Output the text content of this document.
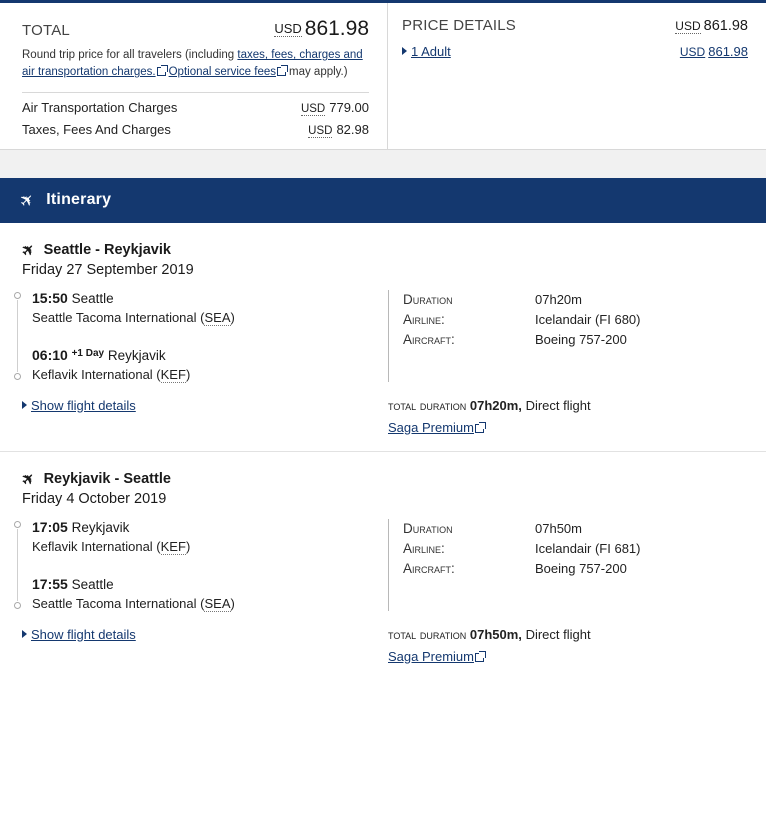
TOTAL	USD 861.98
Round trip price for all travelers (including taxes, fees, charges and air transportation charges. Optional service fees may apply.)
Air Transportation Charges	USD 779.00
Taxes, Fees And Charges	USD 82.98
PRICE DETAILS	USD 861.98
1 Adult	USD 861.98
✈ Itinerary
✈ Seattle - Reykjavik
Friday 27 September 2019
15:50 Seattle
Seattle Tacoma International (SEA)
06:10 $^{+1 Day}$ Reykjavik
Keflavik International (KEF)
Duration	07h20m
Airline:	Icelandair (FI 680)
Aircraft:	Boeing 757-200
Show flight details	total duration 07h20m, Direct flight
Saga Premium
✈ Reykjavik - Seattle
Friday 4 October 2019
17:05 Reykjavik
Keflavik International (KEF)
17:55 Seattle
Seattle Tacoma International (SEA)
Duration	07h50m
Airline:	Icelandair (FI 681)
Aircraft:	Boeing 757-200
Show flight details	total duration 07h50m, Direct flight
Saga Premium
